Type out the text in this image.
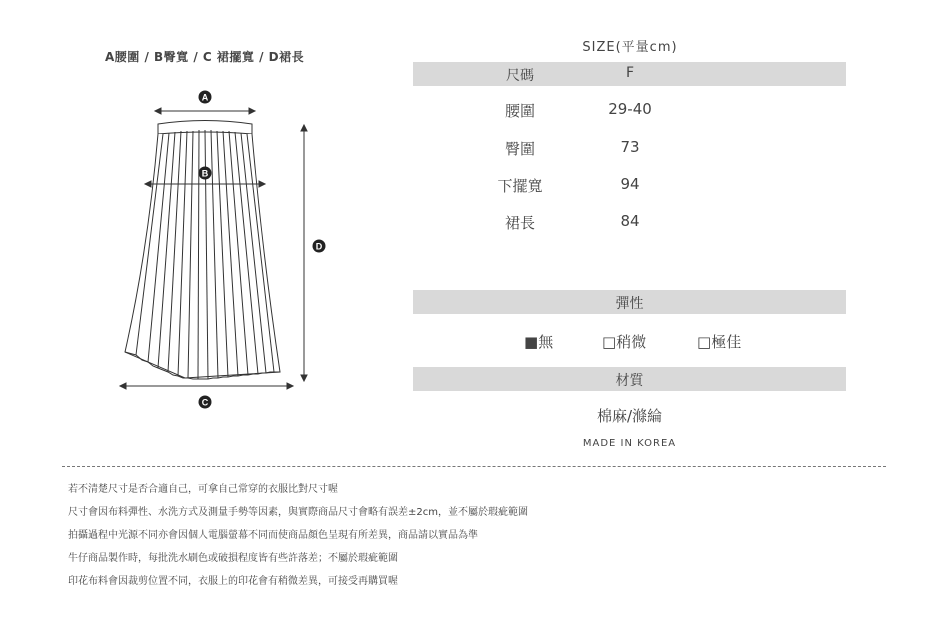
A腰圍 / B臀寬 / C 裙擺寬 / D裙長
A
B
C
D
SIZE(平量cm)
尺碼	F
腰圍	29-40
臀圍	73
下擺寬	94
裙長	84
彈性
■無	□稍微	□極佳
材質
棉麻/滌綸
MADE IN KOREA
若不清楚尺寸是否合適自己，可拿自己常穿的衣服比對尺寸喔
尺寸會因布料彈性、水洗方式及測量手勢等因素，與實際商品尺寸會略有誤差±2cm，並不屬於瑕疵範圍
拍攝過程中光源不同亦會因個人電腦螢幕不同而使商品顏色呈現有所差異，商品請以實品為準
牛仔商品製作時，每批洗水刷色或破損程度皆有些許落差；不屬於瑕疵範圍
印花布料會因裁剪位置不同，衣服上的印花會有稍微差異，可接受再購買喔
